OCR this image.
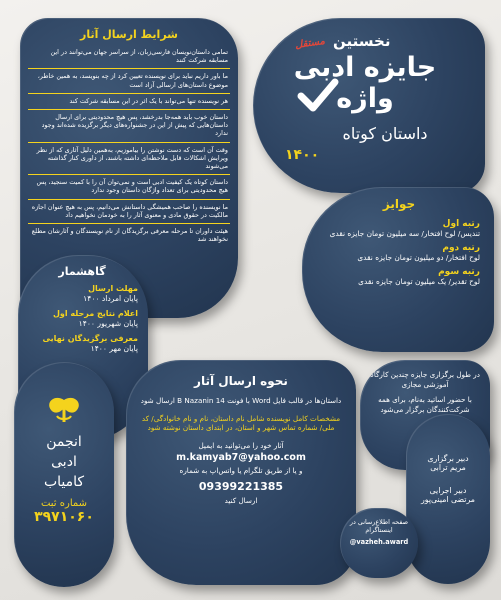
شرایط ارسال آثار
تمامی داستان‌نویسان فارسی‌زبان، از سراسر جهان می‌توانند در این مسابقه شرکت کنند
ما باور داریم نباید برای نویسنده تعیین کرد از چه بنویسد، به همین خاطر، موضوع داستان‌های ارسالی آزاد است
هر نویسنده تنها می‌تواند با یک اثر در این مسابقه شرکت کند
داستان خوب باید همه‌جا بدرخشد، پس هیچ محدودیتی برای ارسال داستان‌هایی که پیش از این در جشنواره‌های دیگر برگزیده شده‌اند وجود ندارد
وقت آن است که دست نوشتن را بیاموزیم، به‌همین دلیل آثاری که از نظر ویرایش اشکالات قابل ملاحظه‌ای داشته باشند، از داوری کنار گذاشته می‌شوند
داستان کوتاه یک کیفیت ادبی است و نمی‌توان آن را با کمیت سنجید، پس هیچ محدودیتی برای تعداد واژگان داستان وجود ندارد
ما نویسنده را صاحب همیشگی داستانش می‌دانیم، پس به هیچ عنوان اجازه مالکیت در حقوق مادی و معنوی آثار را به خودمان نخواهیم داد
هیئت داوران تا مرحله معرفی برگزیدگان از نام نویسندگان و آثارشان مطلع نخواهند شد
نخستین
مستقل
جایزه ادبی واژه
داستان کوتاه
۱۴۰۰
جوایز
رتبه اول
تندیس/ لوح افتخار/ سه میلیون تومان جایزه نقدی
رتبه دوم
لوح افتخار/ دو میلیون تومان جایزه نقدی
رتبه سوم
لوح تقدیر/ یک میلیون تومان جایزه نقدی
گاهشمار
مهلت ارسال
پایان امرداد ۱۴۰۰
اعلام نتایج مرحله اول
پایان شهریور ۱۴۰۰
معرفی برگزیدگان نهایی
پایان مهر ۱۴۰۰
نحوه ارسال آثار
داستان‌ها در قالب فایل Word با فونت B Nazanin 14 ارسال شود
مشخصات کامل نویسنده شامل نام داستان، نام و نام خانوادگی/ کد ملی/ شماره تماس شهر و استان، در ابتدای داستان نوشته شود
آثار خود را می‌توانید به ایمیل
m.kamyab7@yahoo.com
و یا از طریق تلگرام یا واتس‌اپ به شماره
09399221385
ارسال کنید
انجمن
ادبی
کامیاب
شماره ثبت
۳۹۷۱۰۶۰
در طول برگزاری جایزه چندین کارگاه آموزشی مجازی
با حضور اساتید به‌نام، برای همه شرکت‌کنندگان برگزار می‌شود
دبیر برگزاری
مریم ترابی
دبیر اجرایی
مرتضی امینی‌پور
صفحه اطلاع‌رسانی در اینستاگرام
@vazheh.award
